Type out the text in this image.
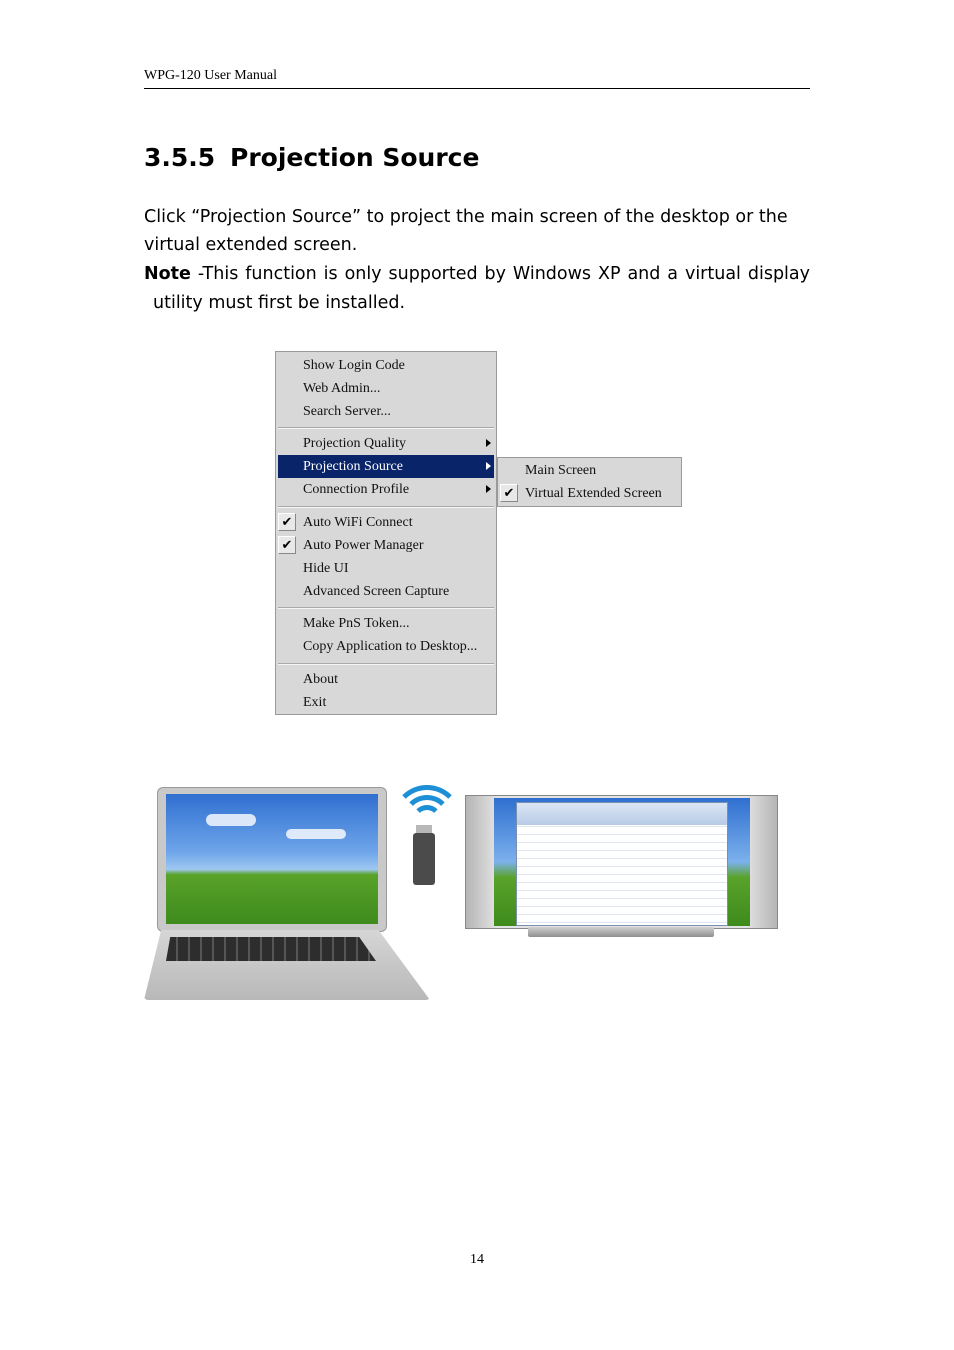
WPG-120 User Manual
3.5.5 Projection Source
Click “Projection Source” to project the main screen of the desktop or the
virtual extended screen.
Note -This function is only supported by Windows XP and a virtual display
utility must first be installed.
Show Login Code
Web Admin...
Search Server...
Projection Quality
Projection Source
Connection Profile
✔ Auto WiFi Connect
✔ Auto Power Manager
Hide UI
Advanced Screen Capture
Make PnS Token...
Copy Application to Desktop...
About
Exit
Main Screen
✔ Virtual Extended Screen
14
